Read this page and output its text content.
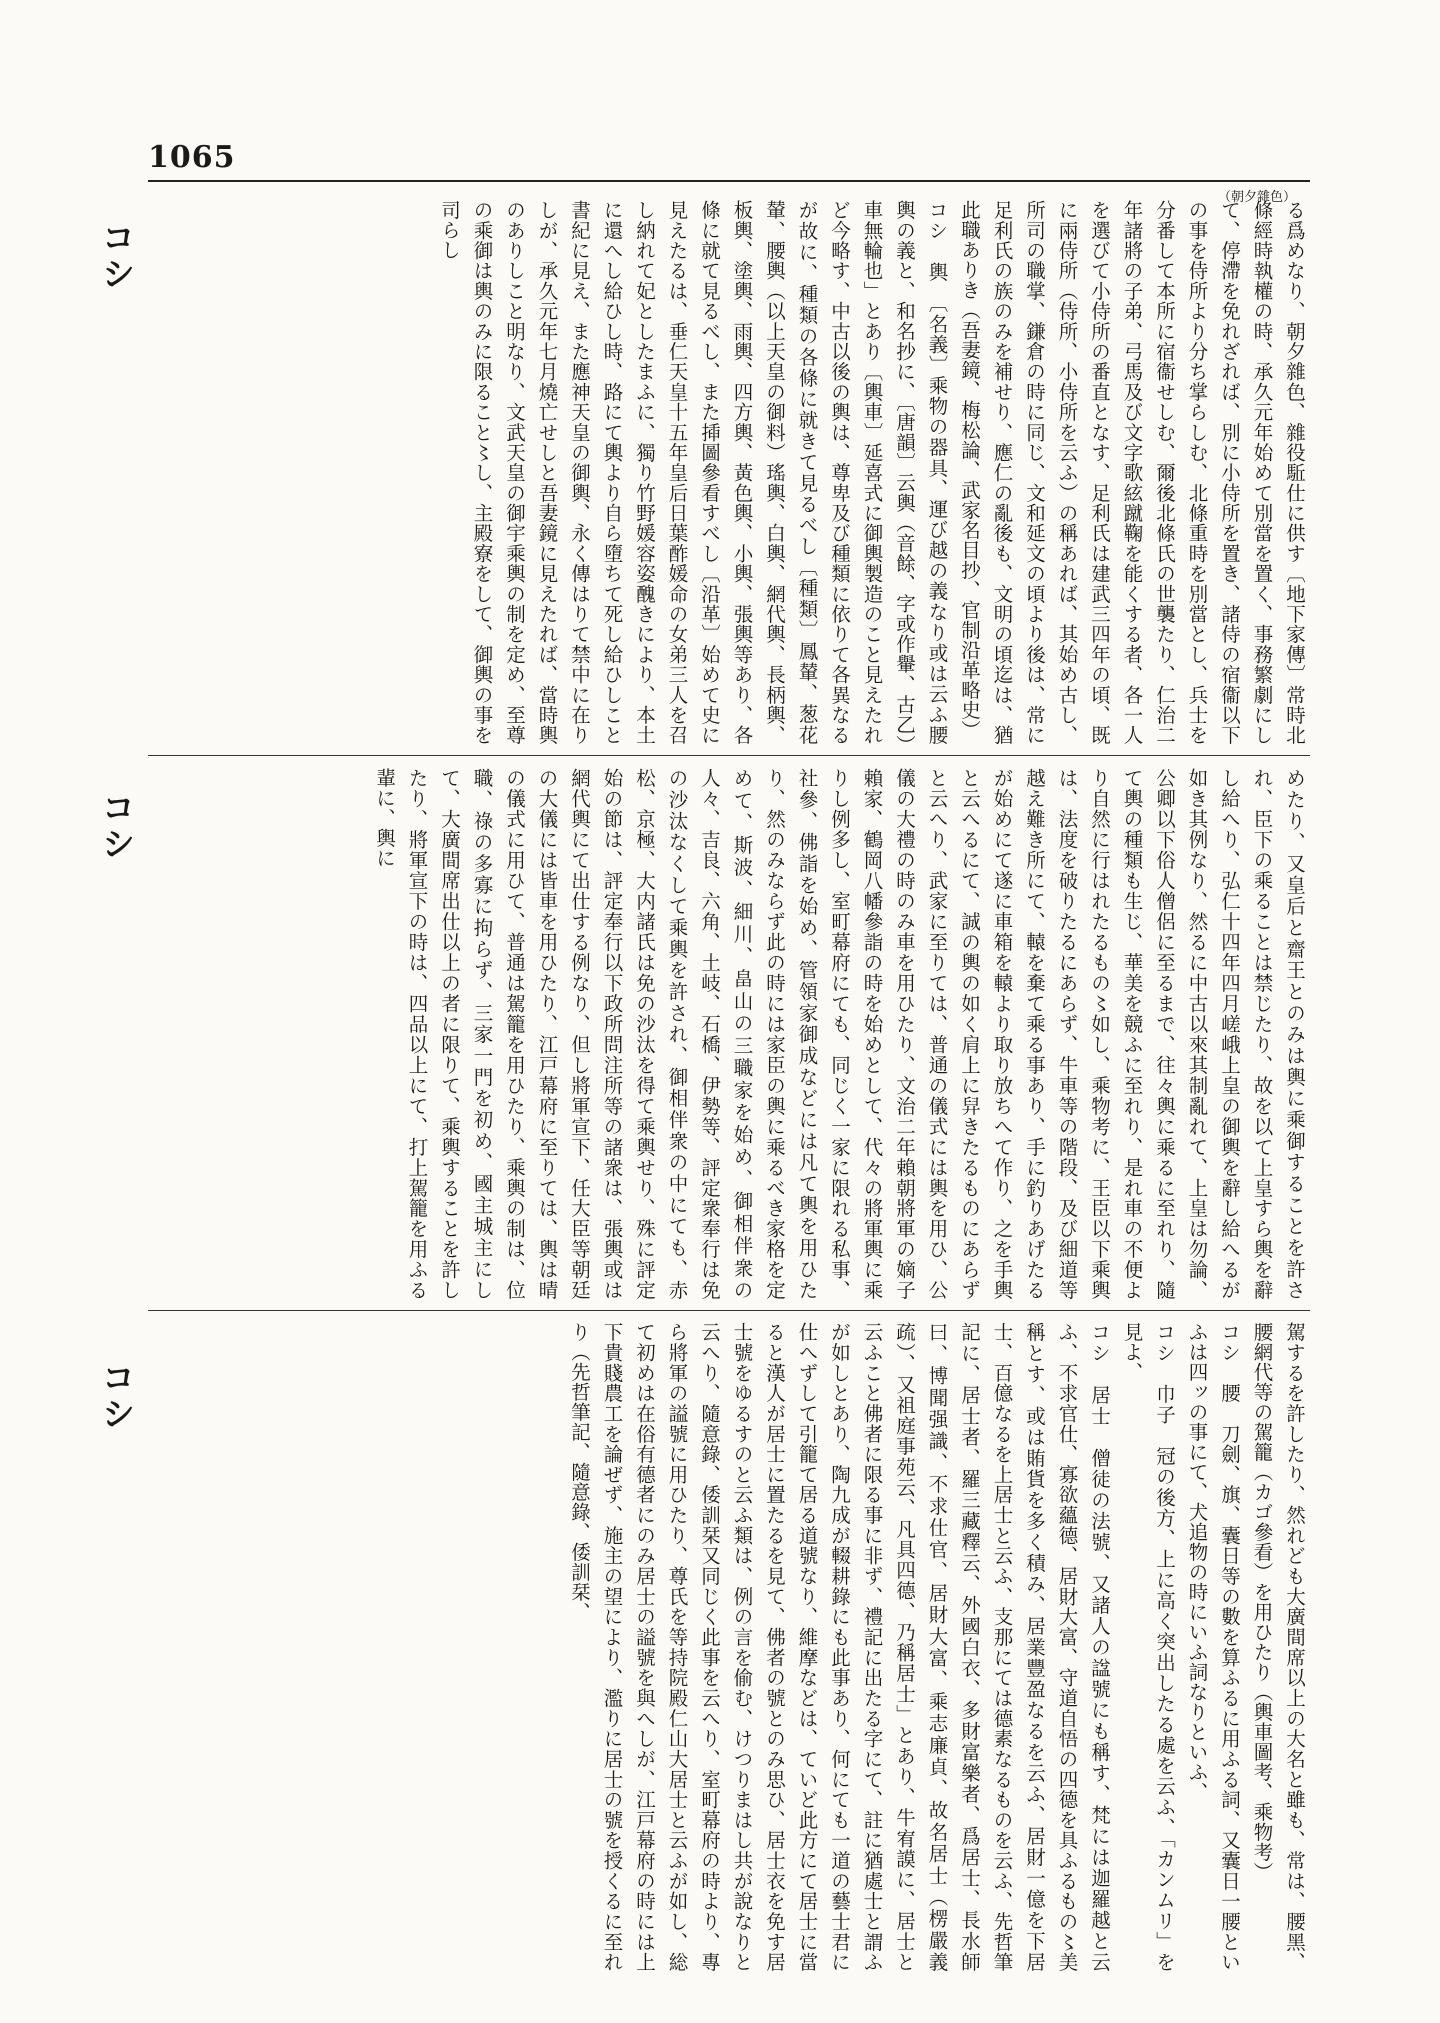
1065
（朝夕雜色）
コシ
コシ
コシ

る爲めなり、朝夕雜色、雜役駈仕に供す〔地下家傳〕常時北條經時執權の時、承久元年始めて別當を置く、事務繁劇にして、停滯を免れざれば、別に小侍所を置き、諸侍の宿衞以下の事を侍所より分ち掌らしむ、北條重時を別當とし、兵士を分番して本所に宿衞せしむ、爾後北條氏の世襲たり、仁治二年諸將の子弟、弓馬及び文字歌絃蹴鞠を能くする者、各一人を選びて小侍所の番直となす、足利氏は建武三四年の頃、既に兩侍所（侍所、小侍所を云ふ）の稱あれば、其始め古し、所司の職掌、鎌倉の時に同じ、文和延文の頃より後は、常に足利氏の族のみを補せり、應仁の亂後も、文明の頃迄は、猶此職ありき（吾妻鏡、梅松論、武家名目抄、官制沿革略史）

コシ　輿　〔名義〕乘物の器具、運び越の義なり或は云ふ腰輿の義と、和名抄に、〔唐韻〕云輿（音餘、字或作轝、古乙）車無輪也」とあり〔輿車〕延喜式に御輿製造のこと見えたれど今略す、中古以後の輿は、尊卑及び種類に依りて各異なるが故に、種類の各條に就きて見るべし〔種類〕鳳輦、葱花輦、腰輿（以上天皇の御料）瑤輿、白輿、網代輿、長柄輿、板輿、塗輿、雨輿、四方輿、黃色輿、小輿、張輿等あり、各條に就て見るべし、また揷圖參看すべし〔沿革〕始めて史に見えたるは、垂仁天皇十五年皇后日葉酢媛命の女弟三人を召し納れて妃としたまふに、獨り竹野媛容姿醜きにより、本土に還へし給ひし時、路にて輿より自ら墮ちて死し給ひしこと書紀に見え、また應神天皇の御輿、永く傳はりて禁中に在りしが、承久元年七月燒亡せしと吾妻鏡に見えたれば、當時輿のありしこと明なり、文武天皇の御宇乘輿の制を定め、至尊の乘御は輿のみに限ること〻し、主殿寮をして、御輿の事を司らし

めたり、又皇后と齋王とのみは輿に乘御することを許され、臣下の乘ることは禁じたり、故を以て上皇すら輿を辭し給へり、弘仁十四年四月嵯峨上皇の御輿を辭し給へるが如き其例なり、然るに中古以來其制亂れて、上皇は勿論、公卿以下俗人僧侶に至るまで、往々輿に乘るに至れり、隨て輿の種類も生じ、華美を競ふに至れり、是れ車の不便より自然に行はれたるもの〻如し、乘物考に、王臣以下乘輿は、法度を破りたるにあらず、牛車等の階段、及び細道等越え難き所にて、轅を棄て乘る事あり、手に釣りあげたるが始めにて遂に車箱を轅より取り放ちへて作り、之を手輿と云へるにて、誠の輿の如く肩上に舁きたるものにあらずと云へり、武家に至りては、普通の儀式には輿を用ひ、公儀の大禮の時のみ車を用ひたり、文治二年賴朝將軍の嫡子賴家、鶴岡八幡參詣の時を始めとして、代々の將軍輿に乘りし例多し、室町幕府にても、同じく一家に限れる私事、社參、佛詣を始め、管領家御成などには凡て輿を用ひたり、然のみならず此の時には家臣の輿に乘るべき家格を定めて、斯波、細川、畠山の三職家を始め、御相伴衆の人々、吉良、六角、土岐、石橋、伊勢等、評定衆奉行は免の沙汰なくして乘輿を許され、御相伴衆の中にても、赤松、京極、大内諸氏は免の沙汰を得て乘輿せり、殊に評定始の節は、評定奉行以下政所問注所等の諸衆は、張輿或は網代輿にて出仕する例なり、但し將軍宣下、任大臣等朝廷の大儀には皆車を用ひたり、江戸幕府に至りては、輿は晴の儀式に用ひて、普通は駕籠を用ひたり、乘輿の制は、位職、祿の多寡に拘らず、三家一門を初め、國主城主にして、大廣間席出仕以上の者に限りて、乘輿することを許したり、將軍宣下の時は、四品以上にて、打上駕籠を用ふる輩に、輿に

駕するを許したり、然れども大廣間席以上の大名と雖も、常は、腰黑、腰網代等の駕籠（カゴ參看）を用ひたり（輿車圖考、乘物考）

コシ　腰　刀劍、旗、囊日等の數を算ふるに用ふる詞、又囊日一腰といふは四ッの事にて、犬追物の時にいふ詞なりといふ、

コシ　巾子　冠の後方、上に高く突出したる處を云ふ、「カンムリ」を見よ、

コシ　居士　僧徒の法號、又諸人の諡號にも稱す、梵には迦羅越と云ふ、不求官仕、寡欲蘊德、居財大富、守道自悟の四德を具ふるもの〻美稱とす、或は賄貨を多く積み、居業豐盈なるを云ふ、居財一億を下居士、百億なるを上居士と云ふ、支那にては德素なるものを云ふ、先哲筆記に、居士者、羅三藏釋云、外國白衣、多財富樂者、爲居士、長水師曰、博聞强識、不求仕官、居財大富、乘志廉貞、故名居士（楞嚴義疏）、又祖庭事苑云、凡具四德、乃稱居士」とあり、牛宥謨に、居士と云ふこと佛者に限る事に非ず、禮記に出たる字にて、註に猶處士と謂ふが如しとあり、陶九成が輟耕錄にも此事あり、何にても一道の藝士君に仕へずして引籠て居る道號なり、維摩などは、ていど此方にて居士に當ると漢人が居士に置たるを見て、佛者の號とのみ思ひ、居士衣を免す居士號をゆるすのと云ふ類は、例の言を偷む、けつりまはし共が說なりと云へり、隨意錄、倭訓栞又同じく此事を云へり、室町幕府の時より、專ら將軍の謚號に用ひたり、尊氏を等持院殿仁山大居士と云ふが如し、総て初めは在俗有德者にのみ居士の謚號を與へしが、江戸幕府の時には上下貴賤農工を論ぜず、施主の望により、濫りに居士の號を授くるに至れり（先哲筆記、隨意錄、倭訓栞、
